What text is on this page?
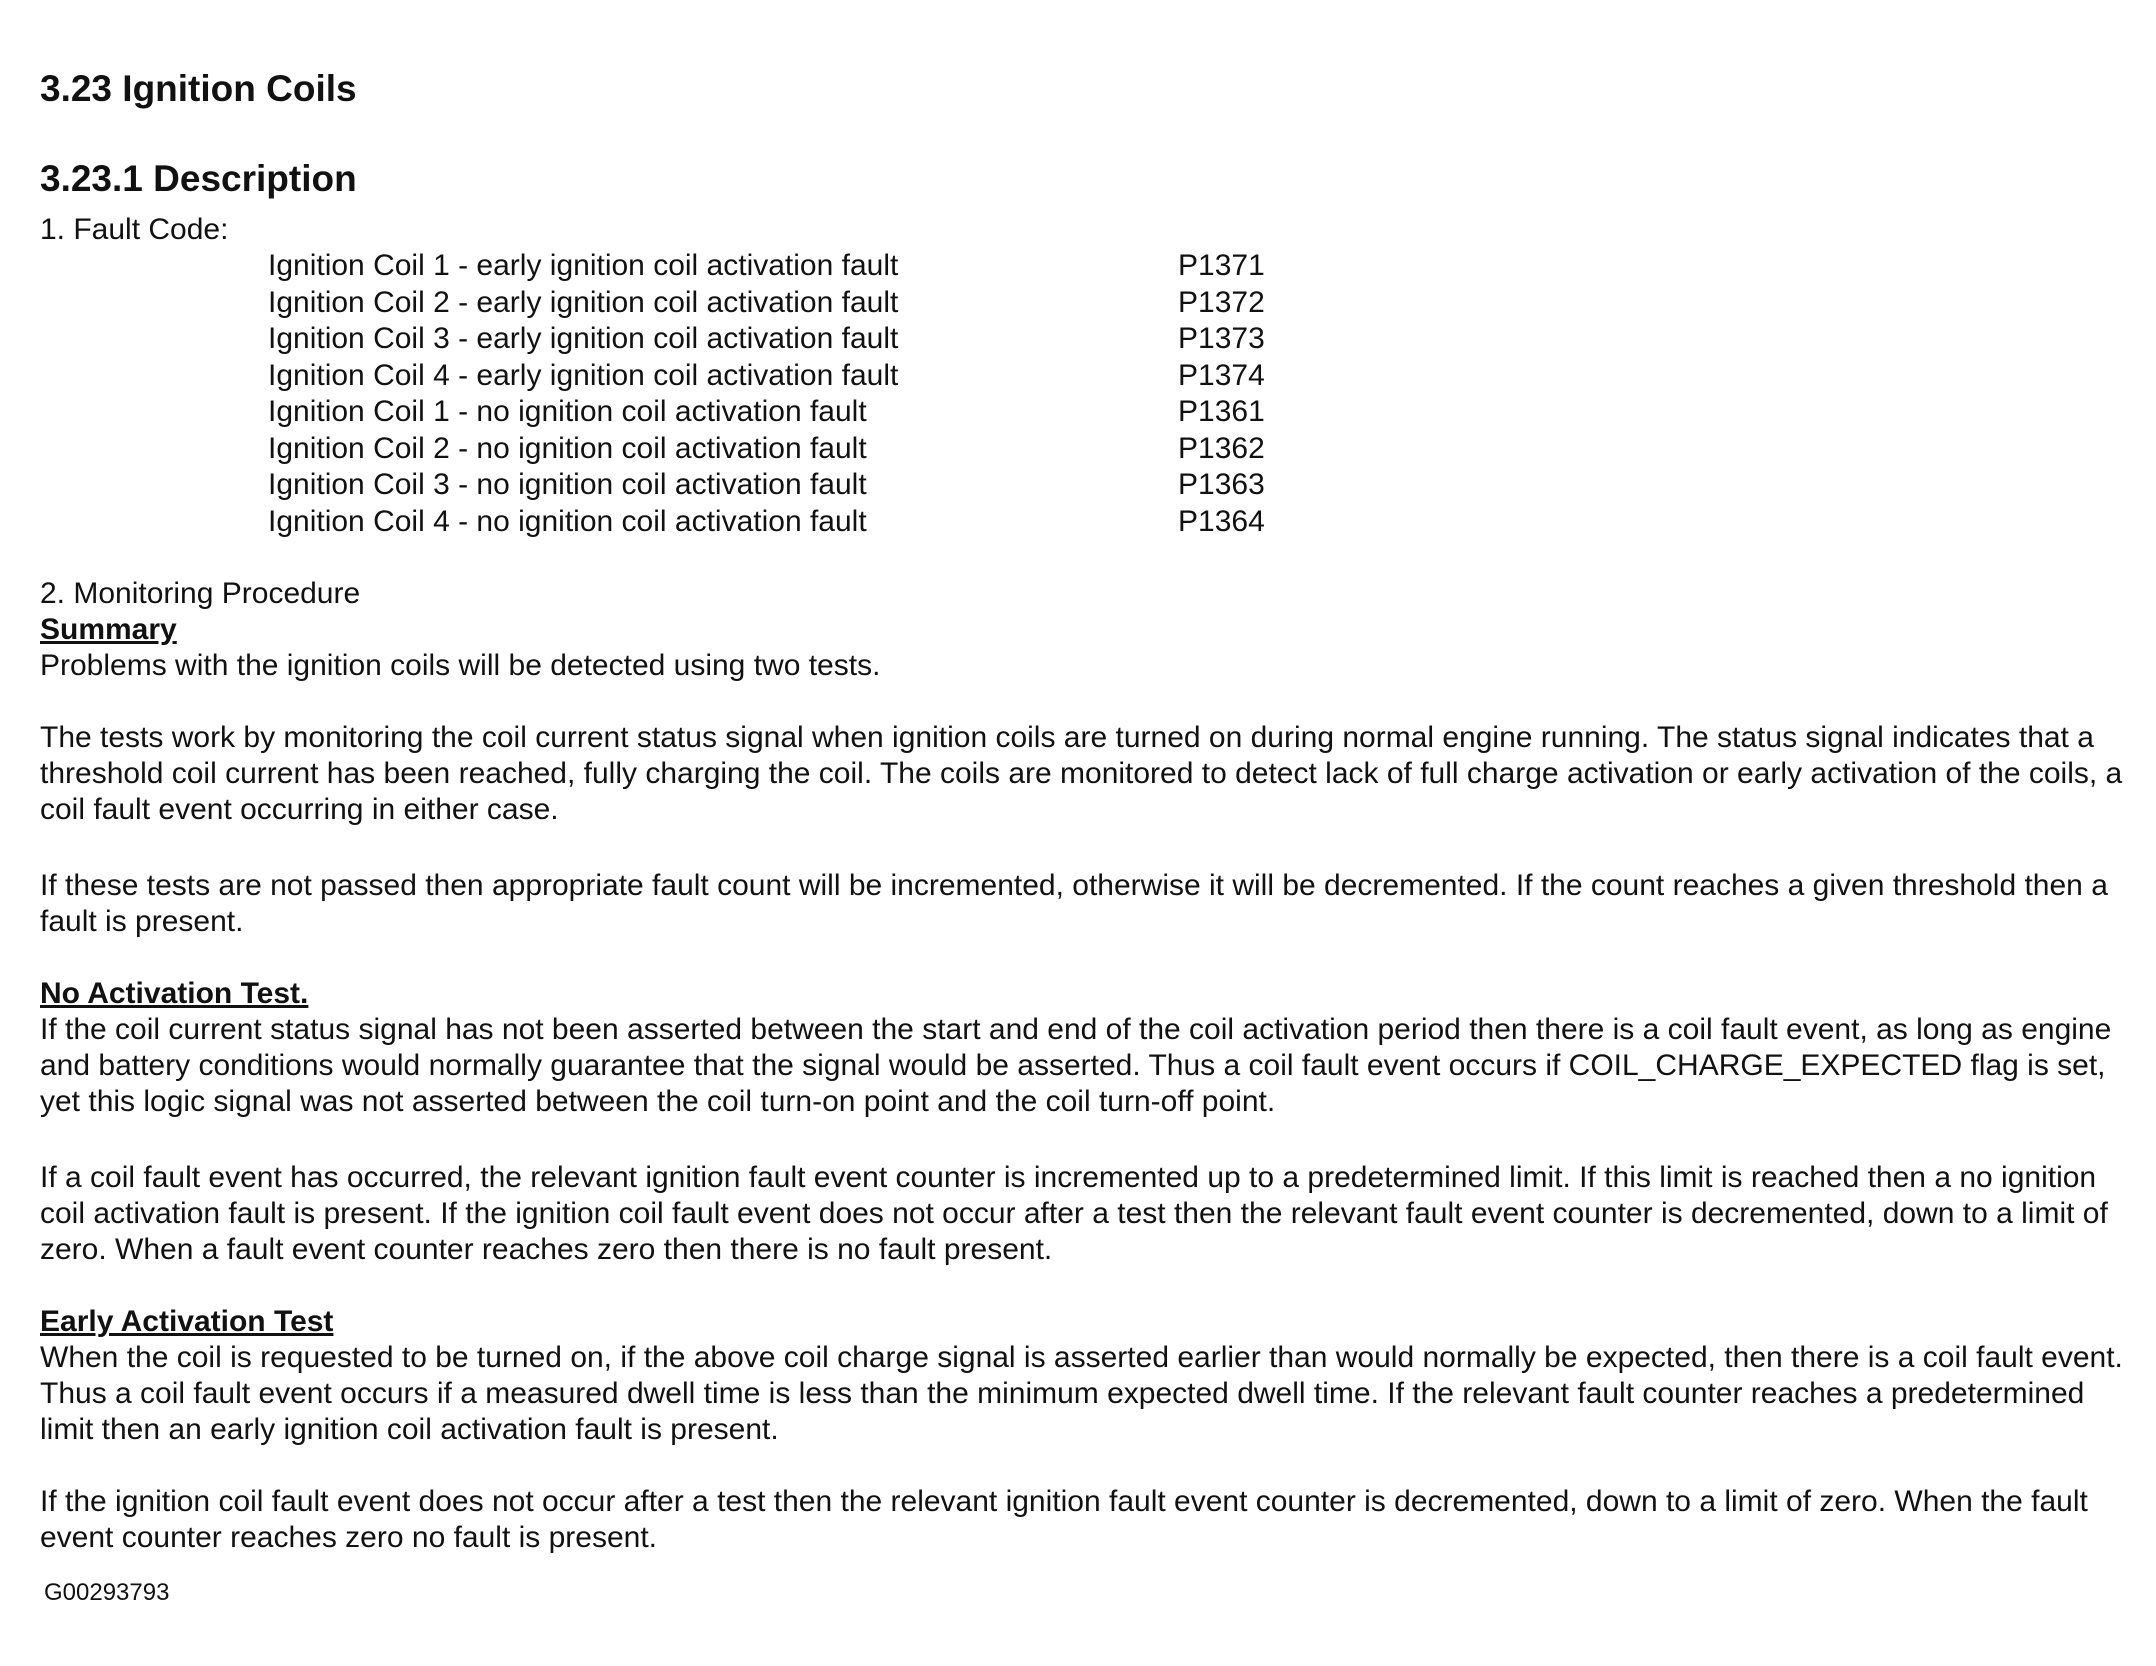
3.23 Ignition Coils
3.23.1 Description
1. Fault Code:
Ignition Coil 1 - early ignition coil activation fault	P1371
Ignition Coil 2 - early ignition coil activation fault	P1372
Ignition Coil 3 - early ignition coil activation fault	P1373
Ignition Coil 4 - early ignition coil activation fault	P1374
Ignition Coil 1 - no ignition coil activation fault	P1361
Ignition Coil 2 - no ignition coil activation fault	P1362
Ignition Coil 3 - no ignition coil activation fault	P1363
Ignition Coil 4 - no ignition coil activation fault	P1364

2. Monitoring Procedure

Summary

Problems with the ignition coils will be detected using two tests.

The tests work by monitoring the coil current status signal when ignition coils are turned on during normal engine running. The status signal indicates that a threshold coil current has been reached, fully charging the coil. The coils are monitored to detect lack of full charge activation or early activation of the coils, a coil fault event occurring in either case.

If these tests are not passed then appropriate fault count will be incremented, otherwise it will be decremented. If the count reaches a given threshold then a fault is present.

No Activation Test.

If the coil current status signal has not been asserted between the start and end of the coil activation period then there is a coil fault event, as long as engine and battery conditions would normally guarantee that the signal would be asserted. Thus a coil fault event occurs if COIL_CHARGE_EXPECTED flag is set, yet this logic signal was not asserted between the coil turn-on point and the coil turn-off point.

If a coil fault event has occurred, the relevant ignition fault event counter is incremented up to a predetermined limit. If this limit is reached then a no ignition coil activation fault is present. If the ignition coil fault event does not occur after a test then the relevant fault event counter is decremented, down to a limit of zero. When a fault event counter reaches zero then there is no fault present.

Early Activation Test

When the coil is requested to be turned on, if the above coil charge signal is asserted earlier than would normally be expected, then there is a coil fault event. Thus a coil fault event occurs if a measured dwell time is less than the minimum expected dwell time. If the relevant fault counter reaches a predetermined limit then an early ignition coil activation fault is present.

If the ignition coil fault event does not occur after a test then the relevant ignition fault event counter is decremented, down to a limit of zero. When the fault event counter reaches zero no fault is present.

G00293793
